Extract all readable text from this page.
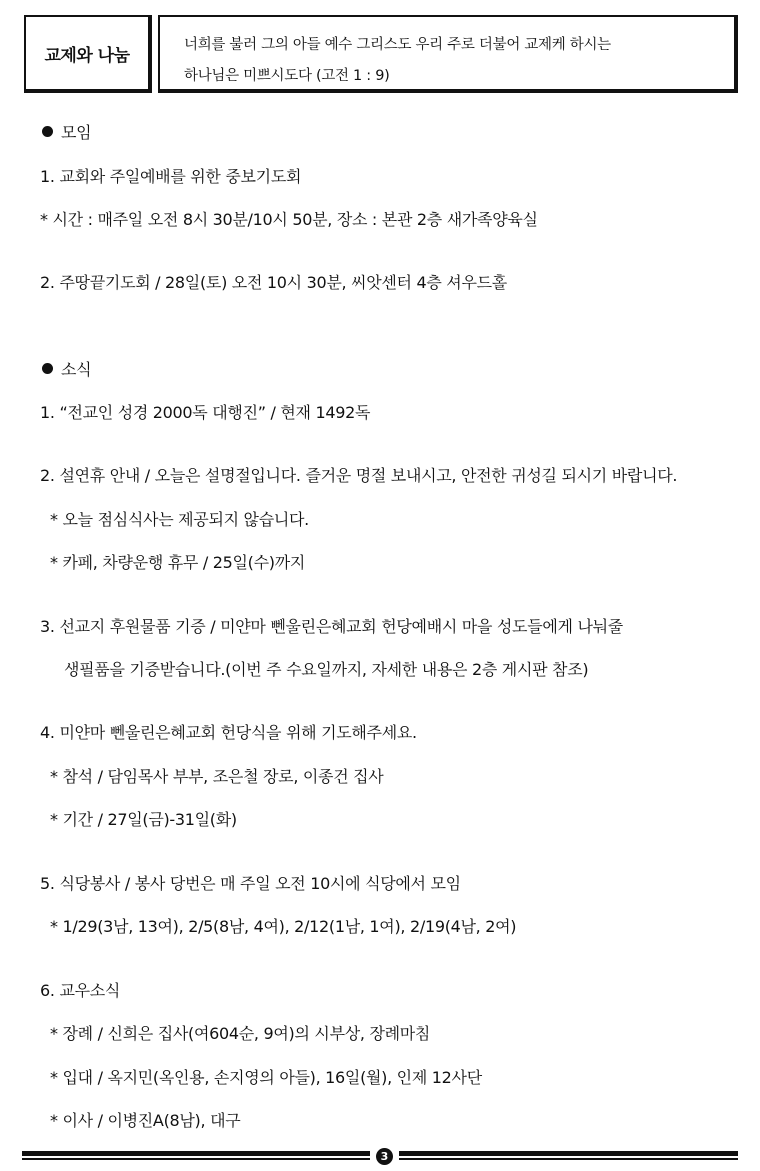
교제와 나눔
너희를 불러 그의 아들 예수 그리스도 우리 주로 더불어 교제케 하시는
하나님은 미쁘시도다 (고전 1 : 9)
모임
1. 교회와 주일예배를 위한 중보기도회
* 시간 : 매주일 오전 8시 30분/10시 50분, 장소 : 본관 2층 새가족양육실
2. 주땅끝기도회 / 28일(토) 오전 10시 30분, 씨앗센터 4층 셔우드홀
소식
1. “전교인 성경 2000독 대행진” / 현재 1492독
2. 설연휴 안내 / 오늘은 설명절입니다. 즐거운 명절 보내시고, 안전한 귀성길 되시기 바랍니다.
* 오늘 점심식사는 제공되지 않습니다.
* 카페, 차량운행 휴무 / 25일(수)까지
3. 선교지 후원물품 기증 / 미얀마 뻰울린은혜교회 헌당예배시 마을 성도들에게 나눠줄
생필품을 기증받습니다.(이번 주 수요일까지, 자세한 내용은 2층 게시판 참조)
4. 미얀마 뻰울린은혜교회 헌당식을 위해 기도해주세요.
* 참석 / 담임목사 부부, 조은철 장로, 이종건 집사
* 기간 / 27일(금)-31일(화)
5. 식당봉사 / 봉사 당번은 매 주일 오전 10시에 식당에서 모임
* 1/29(3남, 13여), 2/5(8남, 4여), 2/12(1남, 1여), 2/19(4남, 2여)
6. 교우소식
* 장례 / 신희은 집사(여604순, 9여)의 시부상, 장례마침
* 입대 / 옥지민(옥인용, 손지영의 아들), 16일(월), 인제 12사단
* 이사 / 이병진A(8남), 대구
3
